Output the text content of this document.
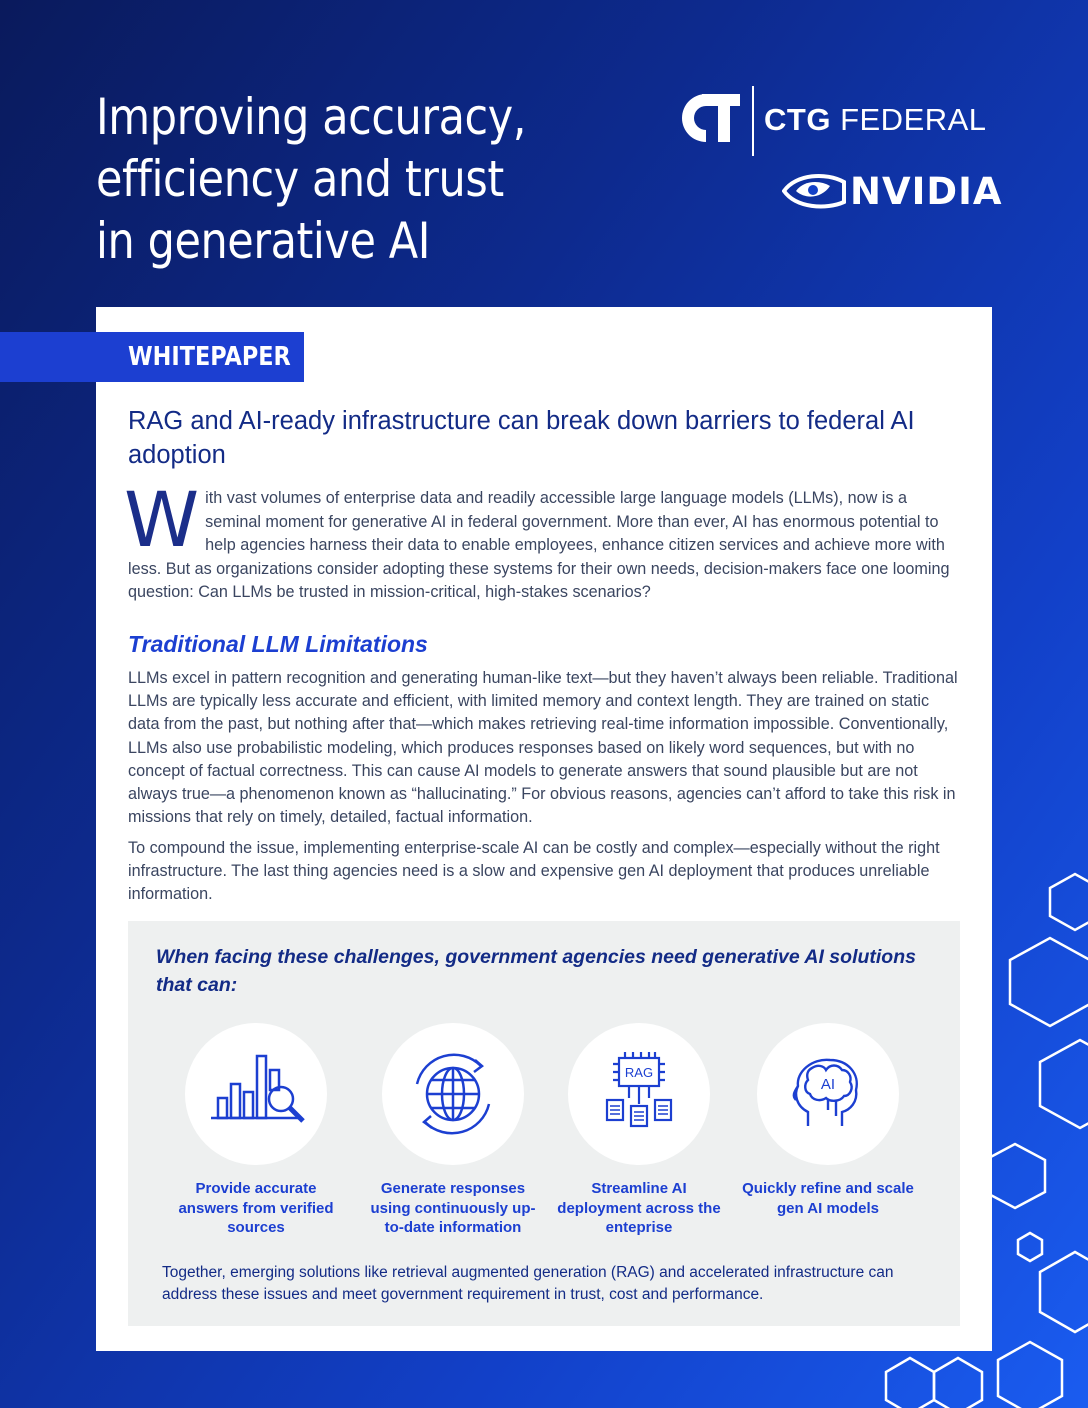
Improving accuracy, efficiency and trust in generative AI
CTG FEDERAL
NVIDIA
WHITEPAPER
RAG and AI-ready infrastructure can break down barriers to federal AI adoption
With vast volumes of enterprise data and readily accessible large language models (LLMs), now is a seminal moment for generative AI in federal government. More than ever, AI has enormous potential to help agencies harness their data to enable employees, enhance citizen services and achieve more with less. But as organizations consider adopting these systems for their own needs, decision-makers face one looming question: Can LLMs be trusted in mission-critical, high-stakes scenarios?
Traditional LLM Limitations
LLMs excel in pattern recognition and generating human-like text—but they haven’t always been reliable. Traditional LLMs are typically less accurate and efficient, with limited memory and context length. They are trained on static data from the past, but nothing after that—which makes retrieving real-time information impossible. Conventionally, LLMs also use probabilistic modeling, which produces responses based on likely word sequences, but with no concept of factual correctness. This can cause AI models to generate answers that sound plausible but are not always true—a phenomenon known as “hallucinating.” For obvious reasons, agencies can’t afford to take this risk in missions that rely on timely, detailed, factual information.
To compound the issue, implementing enterprise-scale AI can be costly and complex—especially without the right infrastructure. The last thing agencies need is a slow and expensive gen AI deployment that produces unreliable information.
When facing these challenges, government agencies need generative AI solutions that can:
Provide accurate answers from verified sources
Generate responses using continuously up-to-date information
RAG
Streamline AI deployment across the enteprise
AI
Quickly refine and scale gen AI models
Together, emerging solutions like retrieval augmented generation (RAG) and accelerated infrastructure can address these issues and meet government requirement in trust, cost and performance.
